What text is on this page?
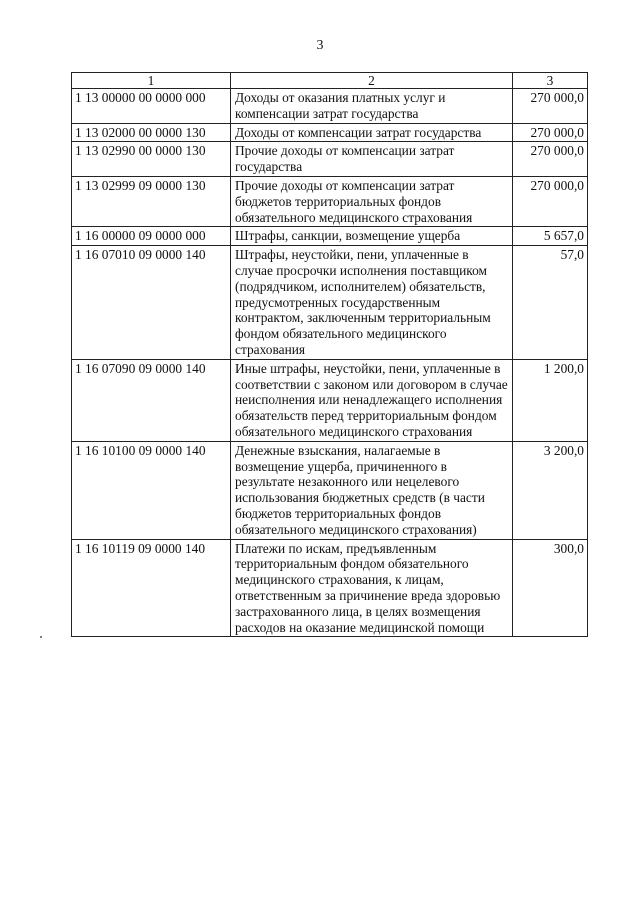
3
1	2	3
1 13 00000 00 0000 000	Доходы от оказания платных услуг и компенсации затрат государства	270 000,0
1 13 02000 00 0000 130	Доходы от компенсации затрат государства	270 000,0
1 13 02990 00 0000 130	Прочие доходы от компенсации затрат государства	270 000,0
1 13 02999 09 0000 130	Прочие доходы от компенсации затрат бюджетов территориальных фондов обязательного медицинского страхования	270 000,0
1 16 00000 09 0000 000	Штрафы, санкции, возмещение ущерба	5 657,0
1 16 07010 09 0000 140	Штрафы, неустойки, пени, уплаченные в случае просрочки исполнения поставщиком (подрядчиком, исполнителем) обязательств, предусмотренных государственным контрактом, заключенным территориальным фондом обязательного медицинского страхования	57,0
1 16 07090 09 0000 140	Иные штрафы, неустойки, пени, уплаченные в соответствии с законом или договором в случае неисполнения или ненадлежащего исполнения обязательств перед территориальным фондом обязательного медицинского страхования	1 200,0
1 16 10100 09 0000 140	Денежные взыскания, налагаемые в возмещение ущерба, причиненного в результате незаконного или нецелевого использования бюджетных средств (в части бюджетов территориальных фондов обязательного медицинского страхования)	3 200,0
1 16 10119 09 0000 140	Платежи по искам, предъявленным территориальным фондом обязательного медицинского страхования, к лицам, ответственным за причинение вреда здоровью застрахованного лица, в целях возмещения расходов на оказание медицинской помощи	300,0
